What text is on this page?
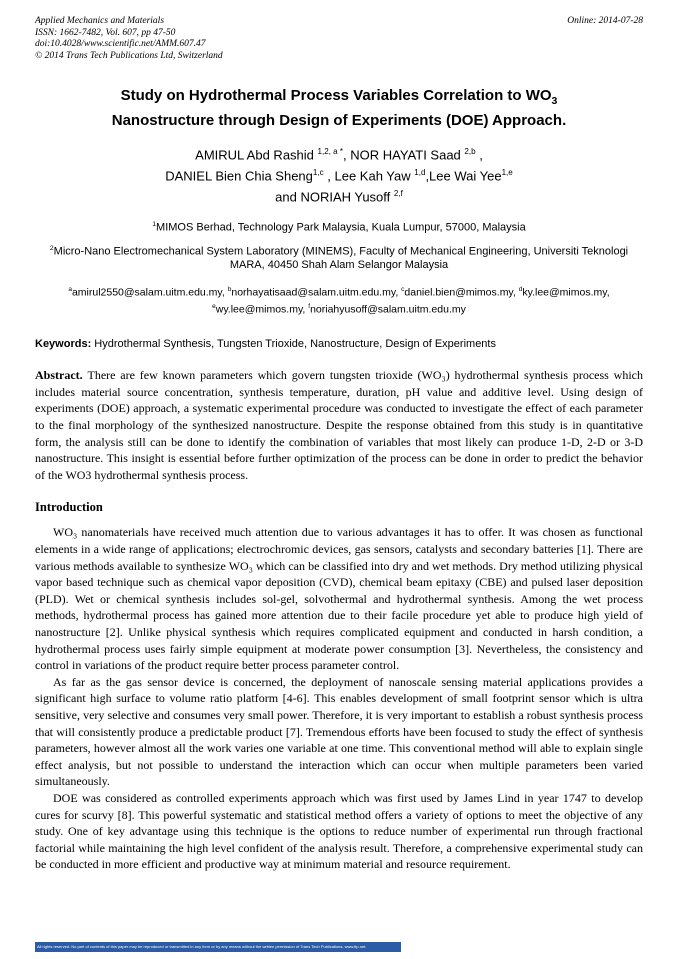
Applied Mechanics and Materials	Online: 2014-07-28
ISSN: 1662-7482, Vol. 607, pp 47-50
doi:10.4028/www.scientific.net/AMM.607.47
© 2014 Trans Tech Publications Ltd, Switzerland
Study on Hydrothermal Process Variables Correlation to $WO_3$
Nanostructure through Design of Experiments (DOE) Approach.
AMIRUL Abd Rashid $^{1,2, a *}$, NOR HAYATI Saad $^{2,b}$ ,
DANIEL Bien Chia Sheng$^{1,c}$ , Lee Kah Yaw $^{1,d}$,Lee Wai Yee$^{1,e}$
and NORIAH Yusoff $^{2,f}$
$^1$MIMOS Berhad, Technology Park Malaysia, Kuala Lumpur, 57000, Malaysia
$^2$Micro-Nano Electromechanical System Laboratory (MINEMS), Faculty of Mechanical Engineering, Universiti Teknologi MARA, 40450 Shah Alam Selangor Malaysia
$^a$amirul2550@salam.uitm.edu.my, $^b$norhayatisaad@salam.uitm.edu.my, $^c$daniel.bien@mimos.my, $^d$ky.lee@mimos.my, $^e$wy.lee@mimos.my, $^f$noriahyusoff@salam.uitm.edu.my
Keywords: Hydrothermal Synthesis, Tungsten Trioxide, Nanostructure, Design of Experiments

Abstract. There are few known parameters which govern tungsten trioxide (WO₃) hydrothermal synthesis process which includes material source concentration, synthesis temperature, duration, pH value and additive level. Using design of experiments (DOE) approach, a systematic experimental procedure was conducted to investigate the effect of each parameter to the final morphology of the synthesized nanostructure. Despite the response obtained from this study is in quantitative form, the analysis still can be done to identify the combination of variables that most likely can produce 1-D, 2-D or 3-D nanostructure. This insight is essential before further optimization of the process can be done in order to predict the behavior of the WO3 hydrothermal synthesis process.

Introduction

WO₃ nanomaterials have received much attention due to various advantages it has to offer. It was chosen as functional elements in a wide range of applications; electrochromic devices, gas sensors, catalysts and secondary batteries [1]. There are various methods available to synthesize WO₃ which can be classified into dry and wet methods. Dry method utilizing physical vapor based technique such as chemical vapor deposition (CVD), chemical beam epitaxy (CBE) and pulsed laser deposition (PLD). Wet or chemical synthesis includes sol-gel, solvothermal and hydrothermal synthesis. Among the wet process methods, hydrothermal process has gained more attention due to their facile procedure yet able to produce high yield of nanostructure [2]. Unlike physical synthesis which requires complicated equipment and conducted in harsh condition, a hydrothermal process uses fairly simple equipment at moderate power consumption [3]. Nevertheless, the consistency and control in variations of the product require better process parameter control.

As far as the gas sensor device is concerned, the deployment of nanoscale sensing material applications provides a significant high surface to volume ratio platform [4-6]. This enables development of small footprint sensor which is ultra sensitive, very selective and consumes very small power. Therefore, it is very important to establish a robust synthesis process that will consistently produce a predictable product [7]. Tremendous efforts have been focused to study the effect of synthesis parameters, however almost all the work varies one variable at one time. This conventional method will able to explain single effect analysis, but not possible to understand the interaction which can occur when multiple parameters been varied simultaneously.

DOE was considered as controlled experiments approach which was first used by James Lind in year 1747 to develop cures for scurvy [8]. This powerful systematic and statistical method offers a variety of options to meet the objective of any study. One of key advantage using this technique is the options to reduce number of experimental run through fractional factorial while maintaining the high level confident of the analysis result. Therefore, a comprehensive experimental study can be conducted in more efficient and productive way at minimum material and resource requirement.

All rights reserved. No part of contents of this paper may be reproduced or transmitted in any form or by any means without the written permission of Trans Tech Publications, www.ttp.net.
